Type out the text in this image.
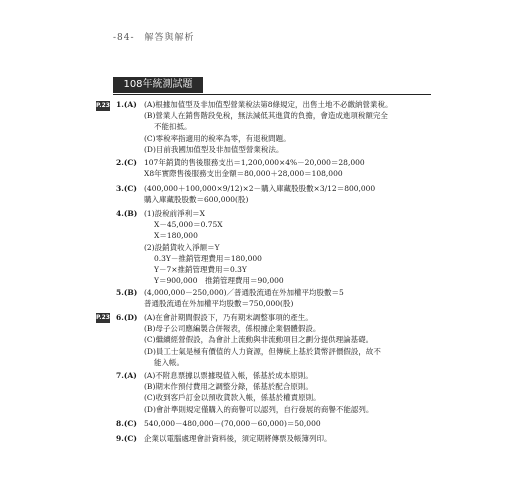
-84-　解答與解析
108年統測試題
P.231
P.232
1.(A) (A)根據加值型及非加值型營業稅法第8條規定，出售土地不必繳納營業稅。
(B)營業人在銷售階段免稅，無法減低其進貨的負擔，會造成進項稅額完全
不能扣抵。
(C)零稅率指適用的稅率為零，有退稅問題。
(D)目前我國加值型及非加值型營業稅法。
2.(C) 107年銷貨的售後服務支出＝1,200,000×4%－20,000＝28,000
X8年實際售後服務支出金額＝80,000＋28,000＝108,000
3.(C) (400,000＋100,000×9/12)×2－購入庫藏股股數×3/12＝800,000
購入庫藏股股數＝600,000(股)
4.(B) (1)設稅前淨利＝X
X－45,000＝0.75X
X＝180,000
(2)設銷貨收入淨額＝Y
0.3Y－推銷管理費用＝180,000
Y－7×推銷管理費用＝0.3Y
Y＝900,000　推銷管理費用＝90,000
5.(B) (4,000,000－250,000)／普通股流通在外加權平均股數＝5
普通股流通在外加權平均股數＝750,000(股)
6.(D) (A)在會計期間假設下，乃有期末調整事項的產生。
(B)母子公司應編製合併報表，係根據企業個體假設。
(C)繼續經營假設，為會計上流動與非流動項目之劃分提供理論基礎。
(D)員工士氣是極有價值的人力資源，但傳統上基於貨幣評價假設，故不
能入帳。
7.(A) (A)不附息票據以票據現值入帳，係基於成本原則。
(B)期末作預付費用之調整分錄，係基於配合原則。
(C)收到客戶訂金以預收貨款入帳，係基於權責原則。
(D)會計準則規定僅購入的商譽可以認列，自行發展的商譽不能認列。
8.(C) 540,000－480,000－(70,000－60,000)＝50,000
9.(C) 企業以電腦處理會計資料後，須定期將傳票及帳簿列印。
